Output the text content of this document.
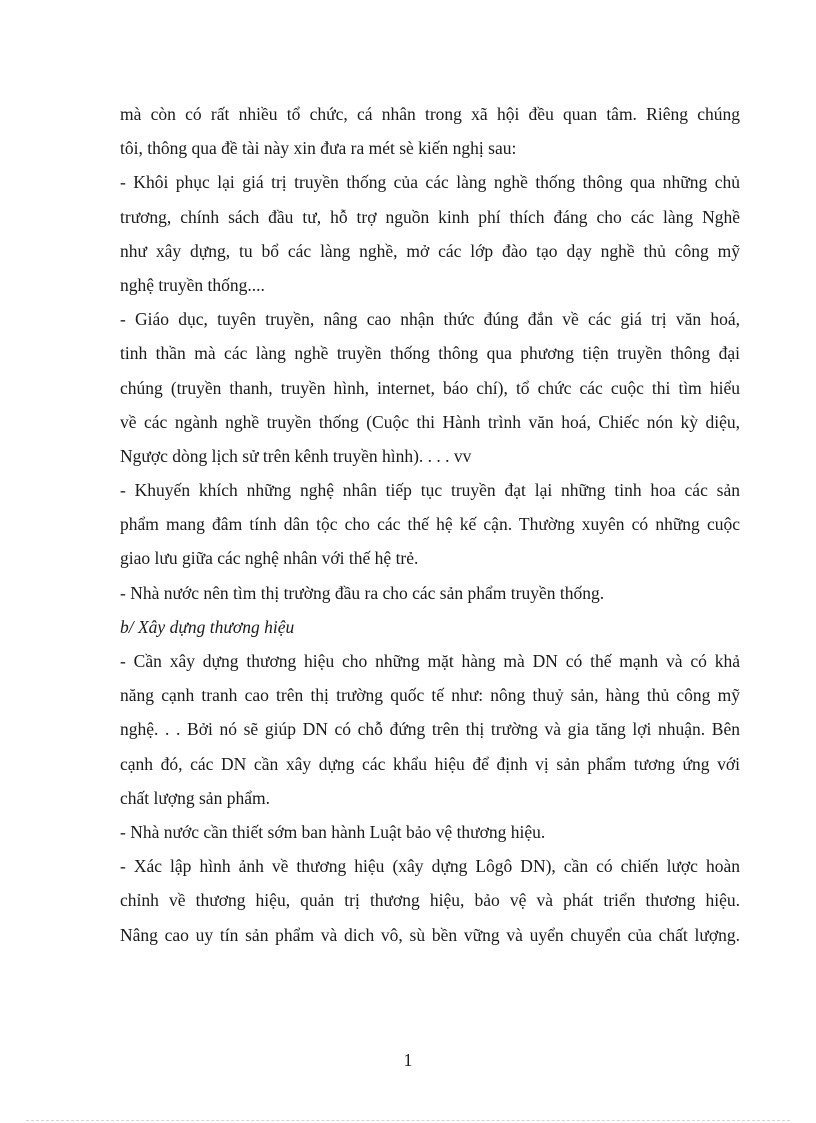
mà còn có rất nhiều tổ chức, cá nhân trong xã hội đều quan tâm. Riêng chúng
tôi, thông qua đề tài này xin đưa ra mét sè kiến nghị sau:
- Khôi phục lại giá trị truyền thống của các làng nghề thống thông qua những chủ
trương, chính sách đầu tư, hỗ trợ nguồn kinh phí thích đáng cho các làng Nghề
như xây dựng, tu bổ các làng nghề, mở các lớp đào tạo dạy nghề thủ công mỹ
nghệ truyền thống....
- Giáo dục, tuyên truyền, nâng cao nhận thức đúng đắn về các giá trị văn hoá,
tinh thần mà các làng nghề truyền thống thông qua phương tiện truyền thông đại
chúng (truyền thanh, truyền hình, internet, báo chí), tổ chức các cuộc thi tìm hiểu
về các ngành nghề truyền thống (Cuộc thi Hành trình văn hoá, Chiếc nón kỳ diệu,
Ngược dòng lịch sử trên kênh truyền hình). . . . vv
- Khuyến khích những nghệ nhân tiếp tục truyền đạt lại những tinh hoa các sản
phẩm mang đâm tính dân tộc cho các thế hệ kế cận. Thường xuyên có những cuộc
giao lưu giữa các nghệ nhân với thế hệ trẻ.
- Nhà nước nên tìm thị trường đầu ra cho các sản phẩm truyền thống.
b/ Xây dựng thương hiệu
- Cần xây dựng thương hiệu cho những mặt hàng mà DN có thế mạnh và có khả
năng cạnh tranh cao trên thị trường quốc tế như: nông thuỷ sản, hàng thủ công mỹ
nghệ. . . Bởi nó sẽ giúp DN có chỗ đứng trên thị trường và gia tăng lợi nhuận. Bên
cạnh đó, các DN cần xây dựng các khẩu hiệu để định vị sản phẩm tương ứng với
chất lượng sản phẩm.
- Nhà nước cần thiết sớm ban hành Luật bảo vệ thương hiệu.
- Xác lập hình ảnh về thương hiệu (xây dựng Lôgô DN), cần có chiến lược hoàn
chỉnh về thương hiệu, quản trị thương hiệu, bảo vệ và phát triển thương hiệu.
Nâng cao uy tín sản phẩm và dich vô, sù bền vững và uyển chuyển của chất lượng.
1
